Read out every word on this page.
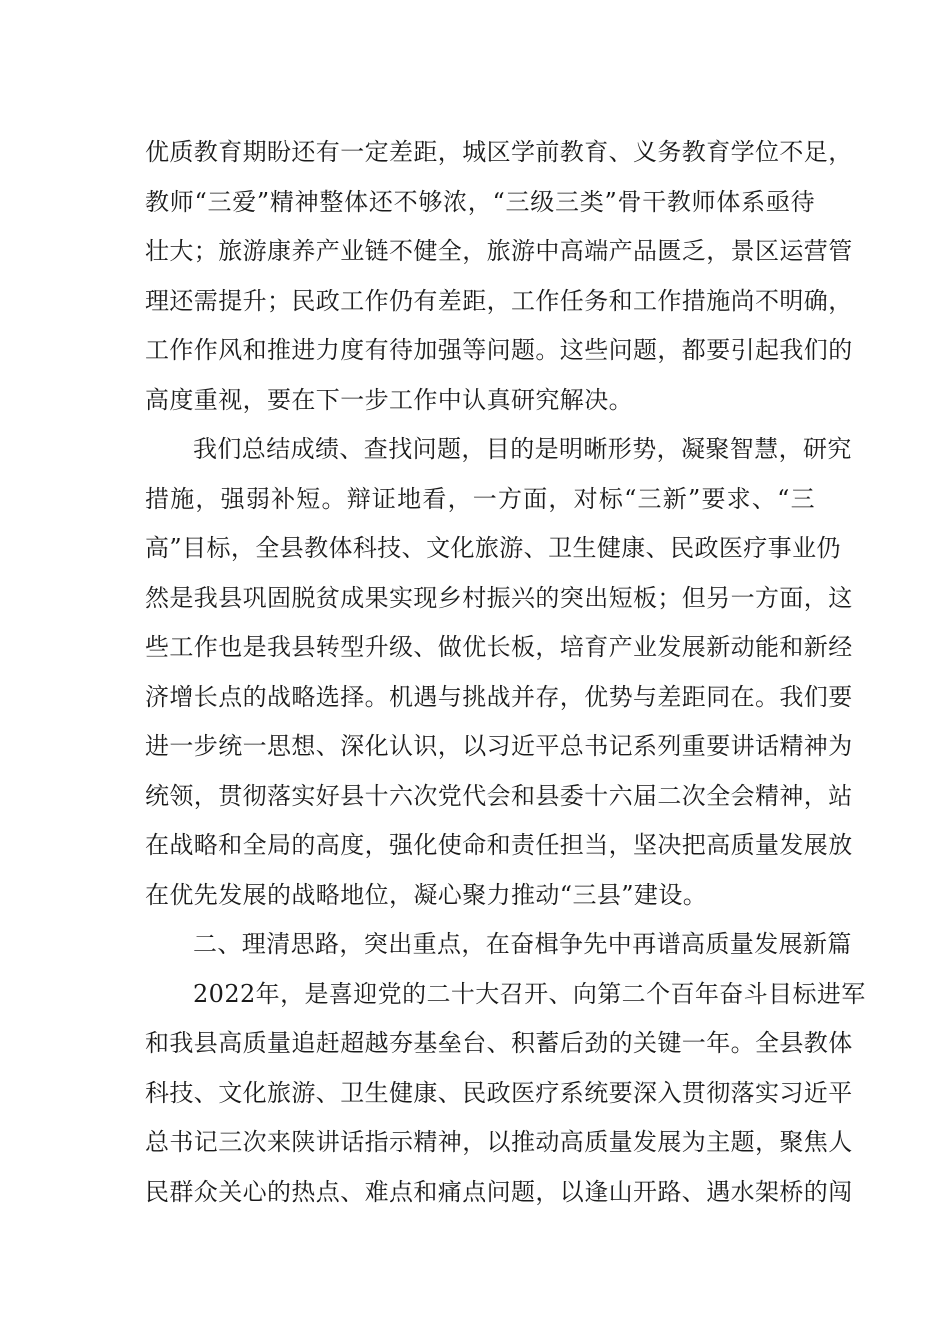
优质教育期盼还有一定差距，城区学前教育、义务教育学位不足，
教师“三爱”精神整体还不够浓，“三级三类”骨干教师体系亟待
壮大；旅游康养产业链不健全，旅游中高端产品匮乏，景区运营管
理还需提升；民政工作仍有差距，工作任务和工作措施尚不明确，
工作作风和推进力度有待加强等问题。这些问题，都要引起我们的
高度重视，要在下一步工作中认真研究解决。
我们总结成绩、查找问题，目的是明晰形势，凝聚智慧，研究
措施，强弱补短。辩证地看，一方面，对标“三新”要求、“三
高”目标，全县教体科技、文化旅游、卫生健康、民政医疗事业仍
然是我县巩固脱贫成果实现乡村振兴的突出短板；但另一方面，这
些工作也是我县转型升级、做优长板，培育产业发展新动能和新经
济增长点的战略选择。机遇与挑战并存，优势与差距同在。我们要
进一步统一思想、深化认识，以习近平总书记系列重要讲话精神为
统领，贯彻落实好县十六次党代会和县委十六届二次全会精神，站
在战略和全局的高度，强化使命和责任担当，坚决把高质量发展放
在优先发展的战略地位，凝心聚力推动“三县”建设。
二、理清思路，突出重点，在奋楫争先中再谱高质量发展新篇
2022年，是喜迎党的二十大召开、向第二个百年奋斗目标进军
和我县高质量追赶超越夯基垒台、积蓄后劲的关键一年。全县教体
科技、文化旅游、卫生健康、民政医疗系统要深入贯彻落实习近平
总书记三次来陕讲话指示精神，以推动高质量发展为主题，聚焦人
民群众关心的热点、难点和痛点问题，以逢山开路、遇水架桥的闯
